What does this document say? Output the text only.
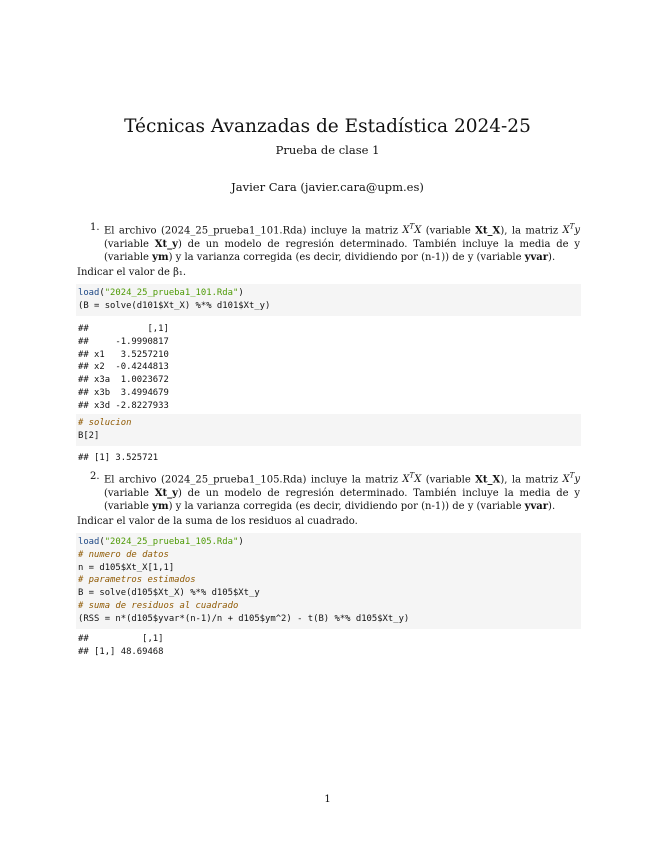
Técnicas Avanzadas de Estadística 2024-25
Prueba de clase 1
Javier Cara (javier.cara@upm.es)
1. El archivo (2024_25_prueba1_101.Rda) incluye la matriz $X^TX$ (variable Xt_X), la matriz $X^Ty$ (variable Xt_y) de un modelo de regresión determinado. También incluye la media de y (variable ym) y la varianza corregida (es decir, dividiendo por (n-1)) de y (variable yvar).
Indicar el valor de β₁.
load("2024_25_prueba1_101.Rda")
(B = solve(d101$Xt_X) %*% d101$Xt_y)
##           [,1]
##     -1.9990817
## x1   3.5257210
## x2  -0.4244813
## x3a  1.0023672
## x3b  3.4994679
## x3d -2.8227933
# solucion
B[2]
## [1] 3.525721
2. El archivo (2024_25_prueba1_105.Rda) incluye la matriz $X^TX$ (variable Xt_X), la matriz $X^Ty$ (variable Xt_y) de un modelo de regresión determinado. También incluye la media de y (variable ym) y la varianza corregida (es decir, dividiendo por (n-1)) de y (variable yvar).
Indicar el valor de la suma de los residuos al cuadrado.
load("2024_25_prueba1_105.Rda")
# numero de datos
n = d105$Xt_X[1,1]
# parametros estimados
B = solve(d105$Xt_X) %*% d105$Xt_y
# suma de residuos al cuadrado
(RSS = n*(d105$yvar*(n-1)/n + d105$ym^2) - t(B) %*% d105$Xt_y)
##          [,1]
## [1,] 48.69468
1
